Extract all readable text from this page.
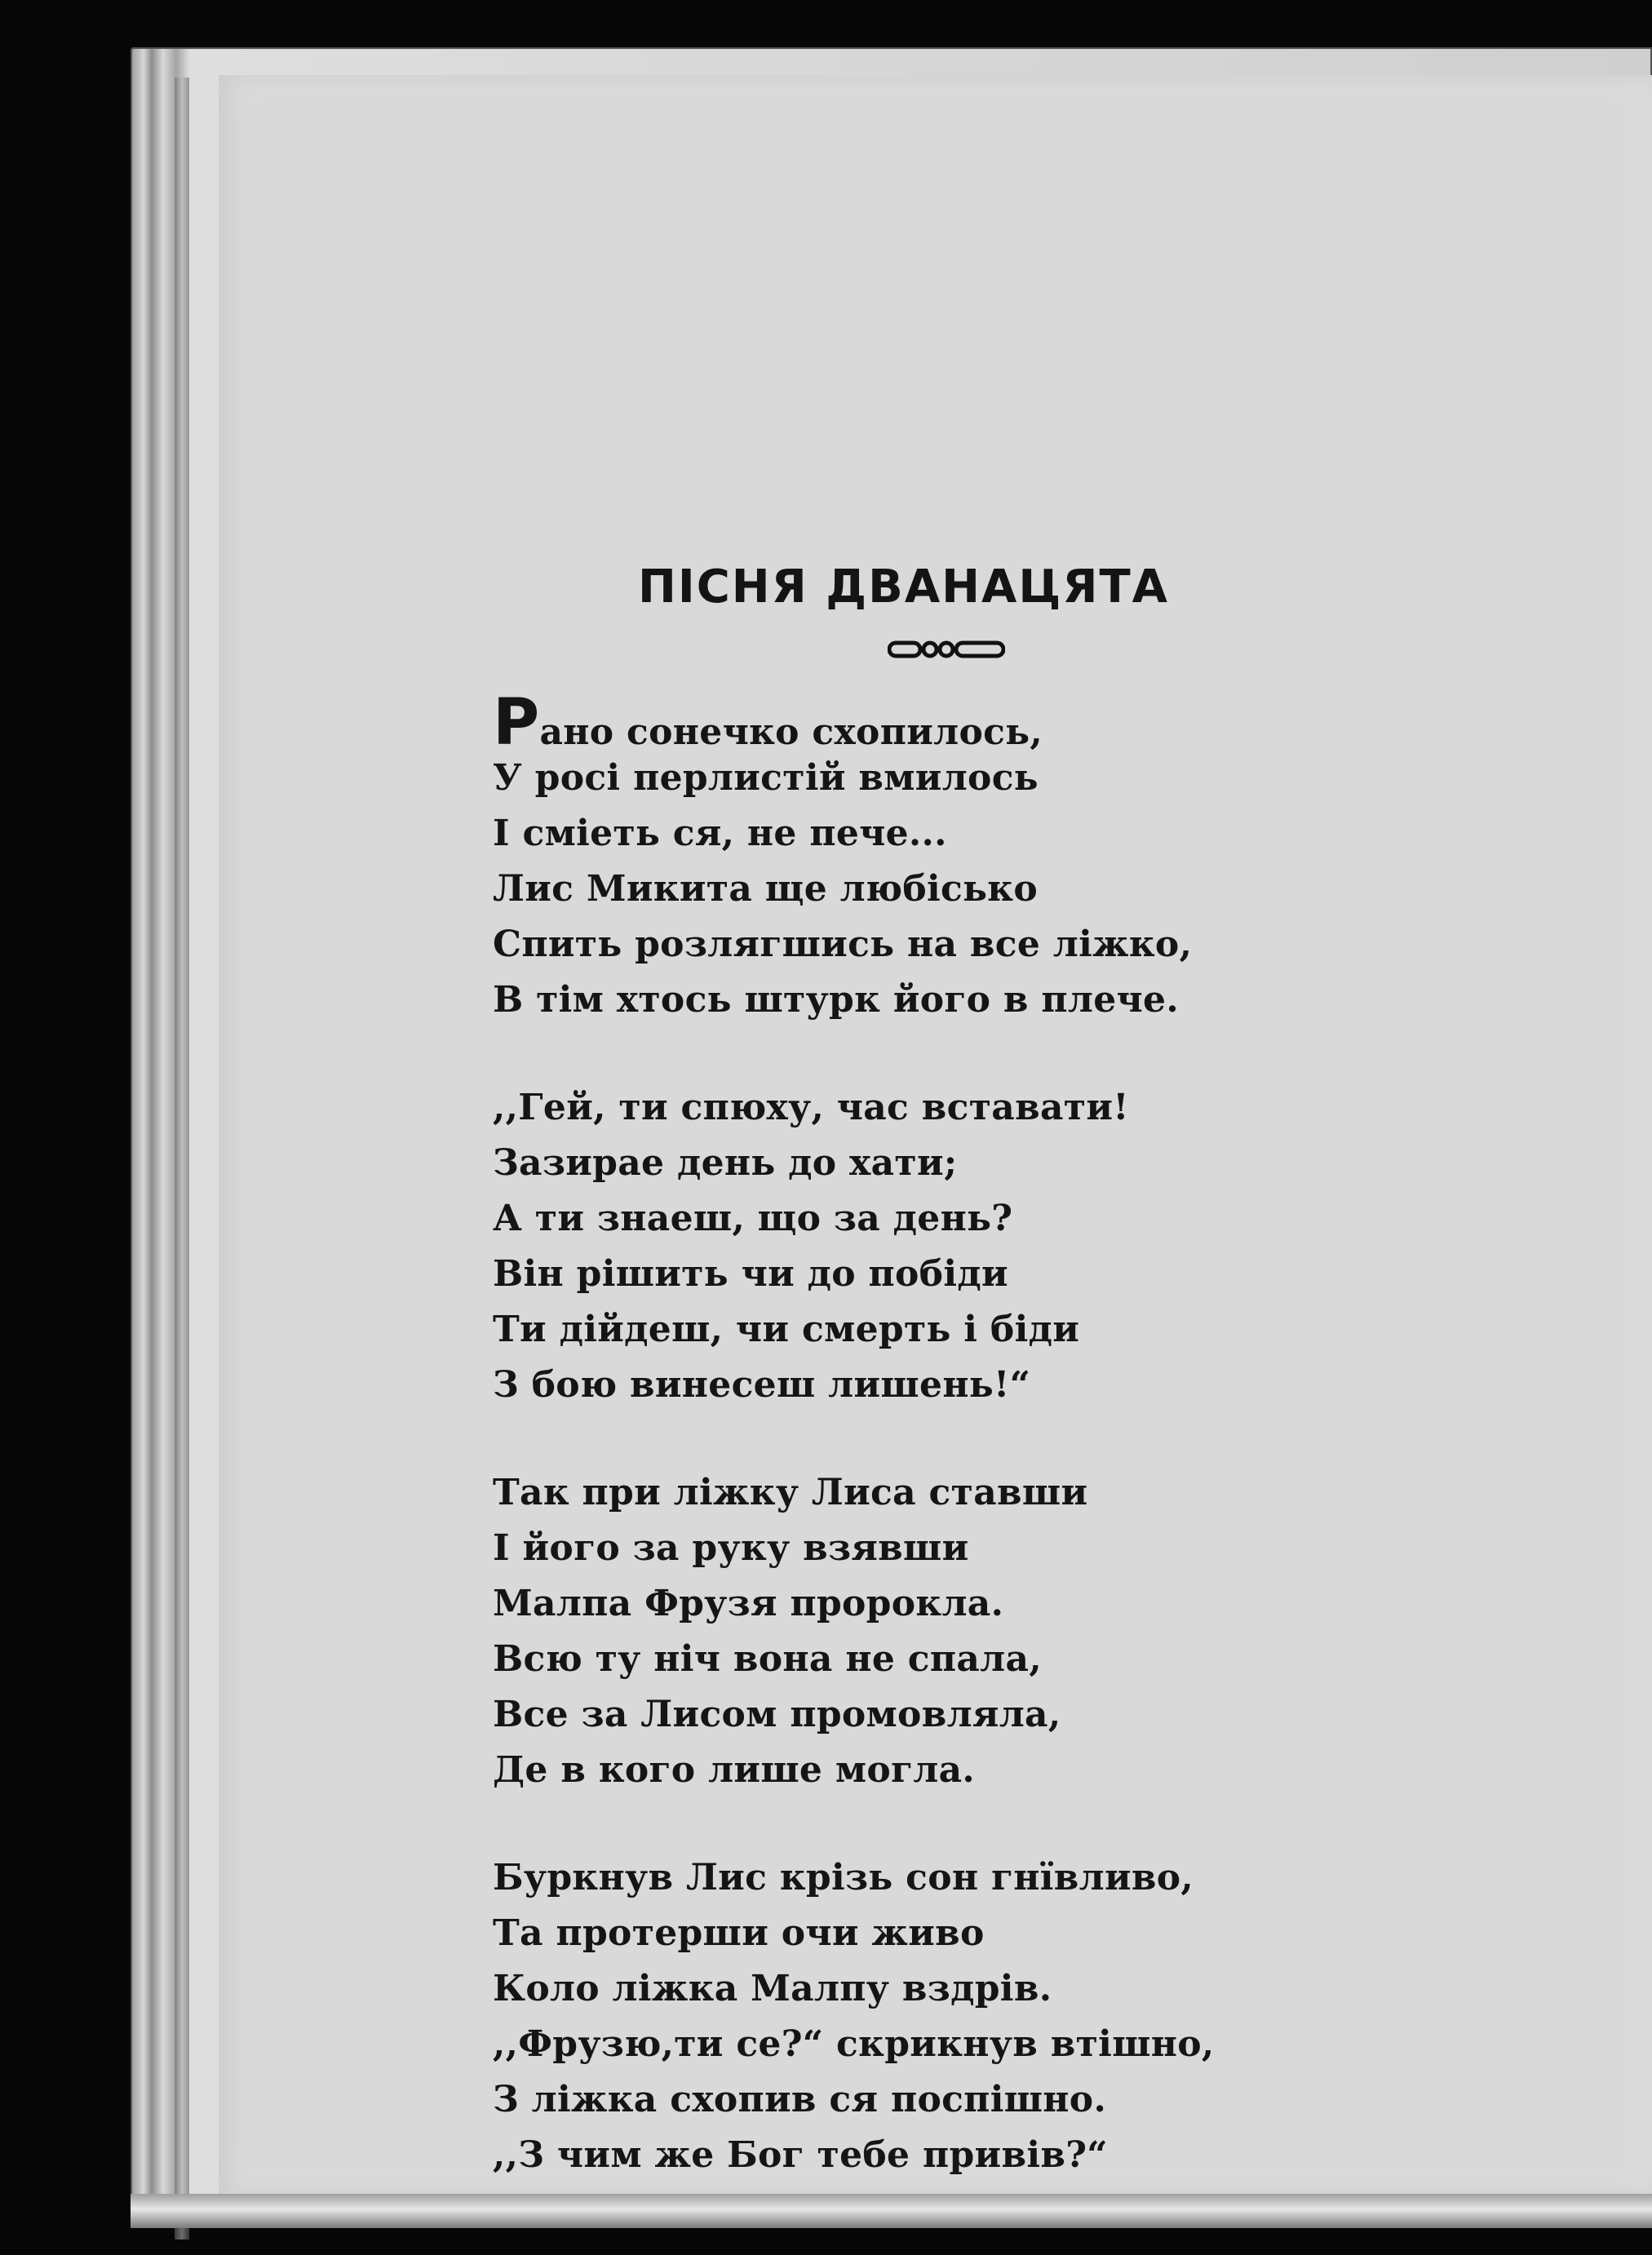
ПІСНЯ ДВАНАЦЯТА
Рано сонечко схопилось,
У росі перлистій вмилось
І сміеть ся, не пече...
Лис Микита ще любісько
Спить розлягшись на все ліжко,
В тім хтось штурк його в плече.
,,Гей, ти спюху, час вставати!
Зазирае день до хати;
А ти знаеш, що за день?
Він рішить чи до побіди
Ти дійдеш, чи смерть і біди
З бою винесеш лишень!“
Так при ліжку Лиса ставши
І його за руку взявши
Малпа Фрузя пророкла.
Всю ту ніч вона не спала,
Все за Лисом промовляла,
Де в кого лише могла.
Буркнув Лис крізь сон гнївливо,
Та протерши очи живо
Коло ліжка Малпу вздрів.
,,Фрузю,ти се?“ скрикнув втішно,
З ліжка схопив ся поспішно.
,,З чим же Бог тебе привів?“
